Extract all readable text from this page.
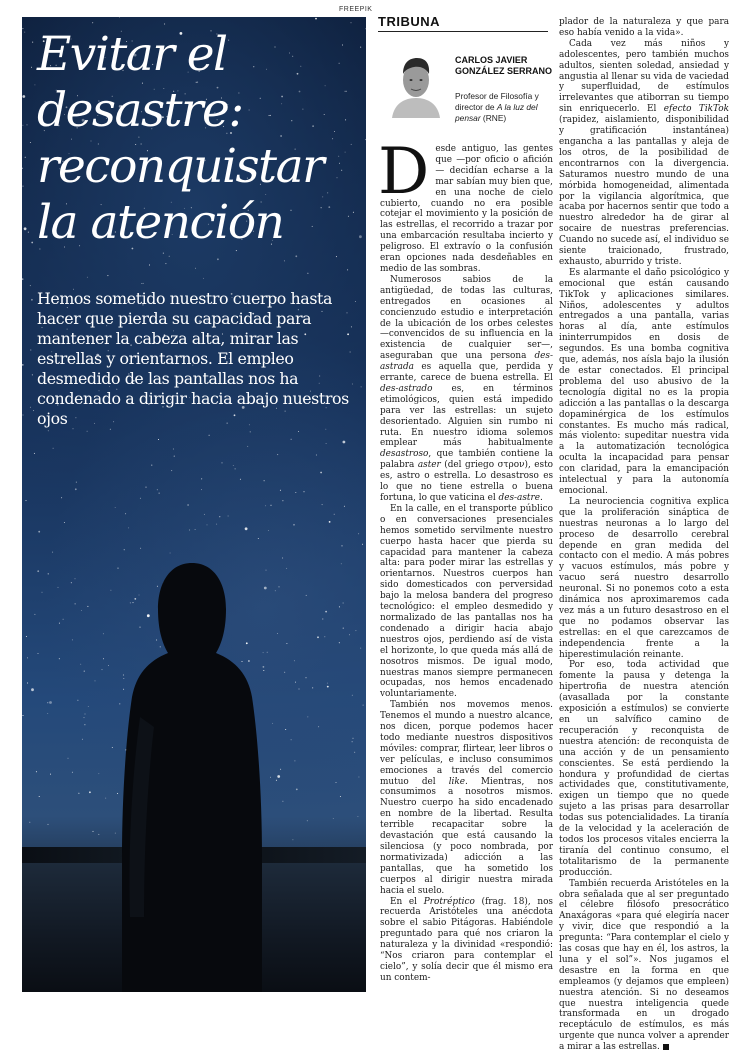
FREEPIK
Evitar el desastre: reconquistar la atención

Hemos sometido nuestro cuerpo hasta hacer que pierda su capacidad para mantener la cabeza alta, mirar las estrellas y orientarnos. El empleo desmedido de las pantallas nos ha condenado a dirigir hacia abajo nuestros ojos

TRIBUNA

CARLOS JAVIER GONZÁLEZ SERRANO

Profesor de Filosofía y director de A la luz del pensar (RNE)

Desde antiguo, las gentes que —por oficio o afición— decidían echarse a la mar sabían muy bien que, en una noche de cielo cubierto, cuando no era posible cotejar el movimiento y la posición de las estrellas, el recorrido a trazar por una embarcación resultaba incierto y peligroso. El extravío o la confusión eran opciones nada desdeñables en medio de las sombras.

Numerosos sabios de la antigüedad, de todas las culturas, entregados en ocasiones al concienzudo estudio e interpretación de la ubicación de los orbes celestes —convencidos de su influencia en la existencia de cualquier ser—, aseguraban que una persona des-astrada es aquella que, perdida y errante, carece de buena estrella. El des-astrado es, en términos etimológicos, quien está impedido para ver las estrellas: un sujeto desorientado. Alguien sin rumbo ni ruta. En nuestro idioma solemos emplear más habitualmente desastroso, que también contiene la palabra aster (del griego στρον), esto es, astro o estrella. Lo desastroso es lo que no tiene estrella o buena fortuna, lo que vaticina el des-astre.

En la calle, en el transporte público o en conversaciones presenciales hemos sometido servilmente nuestro cuerpo hasta hacer que pierda su capacidad para mantener la cabeza alta: para poder mirar las estrellas y orientarnos. Nuestros cuerpos han sido domesticados con perversidad bajo la melosa bandera del progreso tecnológico: el empleo desmedido y normalizado de las pantallas nos ha condenado a dirigir hacia abajo nuestros ojos, perdiendo así de vista el horizonte, lo que queda más allá de nosotros mismos. De igual modo, nuestras manos siempre permanecen ocupadas, nos hemos encadenado voluntariamente.

También nos movemos menos. Tenemos el mundo a nuestro alcance, nos dicen, porque podemos hacer todo mediante nuestros dispositivos móviles: comprar, flirtear, leer libros o ver películas, e incluso consumimos emociones a través del comercio mutuo del like. Mientras, nos consumimos a nosotros mismos. Nuestro cuerpo ha sido encadenado en nombre de la libertad. Resulta terrible recapacitar sobre la devastación que está causando la silenciosa (y poco nombrada, por normativizada) adicción a las pantallas, que ha sometido los cuerpos al dirigir nuestra mirada hacia el suelo.

En el Protréptico (frag. 18), nos recuerda Aristóteles una anécdota sobre el sabio Pitágoras. Habiéndole preguntado para qué nos criaron la naturaleza y la divinidad «respondió: “Nos criaron para contemplar el cielo”, y solía decir que él mismo era un contem-

plador de la naturaleza y que para eso había venido a la vida».

Cada vez más niños y adolescentes, pero también muchos adultos, sienten soledad, ansiedad y angustia al llenar su vida de vaciedad y superfluidad, de estímulos irrelevantes que atiborran su tiempo sin enriquecerlo. El efecto TikTok (rapidez, aislamiento, disponibilidad y gratificación instantánea) engancha a las pantallas y aleja de los otros, de la posibilidad de encontrarnos con la divergencia. Saturamos nuestro mundo de una mórbida homogeneidad, alimentada por la vigilancia algorítmica, que acaba por hacernos sentir que todo a nuestro alrededor ha de girar al socaire de nuestras preferencias. Cuando no sucede así, el individuo se siente traicionado, frustrado, exhausto, aburrido y triste.

Es alarmante el daño psicológico y emocional que están causando TikTok y aplicaciones similares. Niños, adolescentes y adultos entregados a una pantalla, varias horas al día, ante estímulos ininterrumpidos en dosis de segundos. Es una bomba cognitiva que, además, nos aísla bajo la ilusión de estar conectados. El principal problema del uso abusivo de la tecnología digital no es la propia adicción a las pantallas o la descarga dopaminérgica de los estímulos constantes. Es mucho más radical, más violento: supeditar nuestra vida a la automatización tecnológica oculta la incapacidad para pensar con claridad, para la emancipación intelectual y para la autonomía emocional.

La neurociencia cognitiva explica que la proliferación sináptica de nuestras neuronas a lo largo del proceso de desarrollo cerebral depende en gran medida del contacto con el medio. A más pobres y vacuos estímulos, más pobre y vacuo será nuestro desarrollo neuronal. Si no ponemos coto a esta dinámica nos aproximaremos cada vez más a un futuro desastroso en el que no podamos observar las estrellas: en el que carezcamos de independencia frente a la hiperestimulación reinante.

Por eso, toda actividad que fomente la pausa y detenga la hipertrofia de nuestra atención (avasallada por la constante exposición a estímulos) se convierte en un salvífico camino de recuperación y reconquista de nuestra atención: de reconquista de una acción y de un pensamiento conscientes. Se está perdiendo la hondura y profundidad de ciertas actividades que, constitutivamente, exigen un tiempo que no quede sujeto a las prisas para desarrollar todas sus potencialidades. La tiranía de la velocidad y la aceleración de todos los procesos vitales encierra la tiranía del continuo consumo, el totalitarismo de la permanente producción.

También recuerda Aristóteles en la obra señalada que al ser preguntado el célebre filósofo presocrático Anaxágoras «para qué elegiría nacer y vivir, dice que respondió a la pregunta: “Para contemplar el cielo y las cosas que hay en él, los astros, la luna y el sol”». Nos jugamos el desastre en la forma en que empleamos (y dejamos que empleen) nuestra atención. Si no deseamos que nuestra inteligencia quede transformada en un drogado receptáculo de estímulos, es más urgente que nunca volver a aprender a mirar a las estrellas.
